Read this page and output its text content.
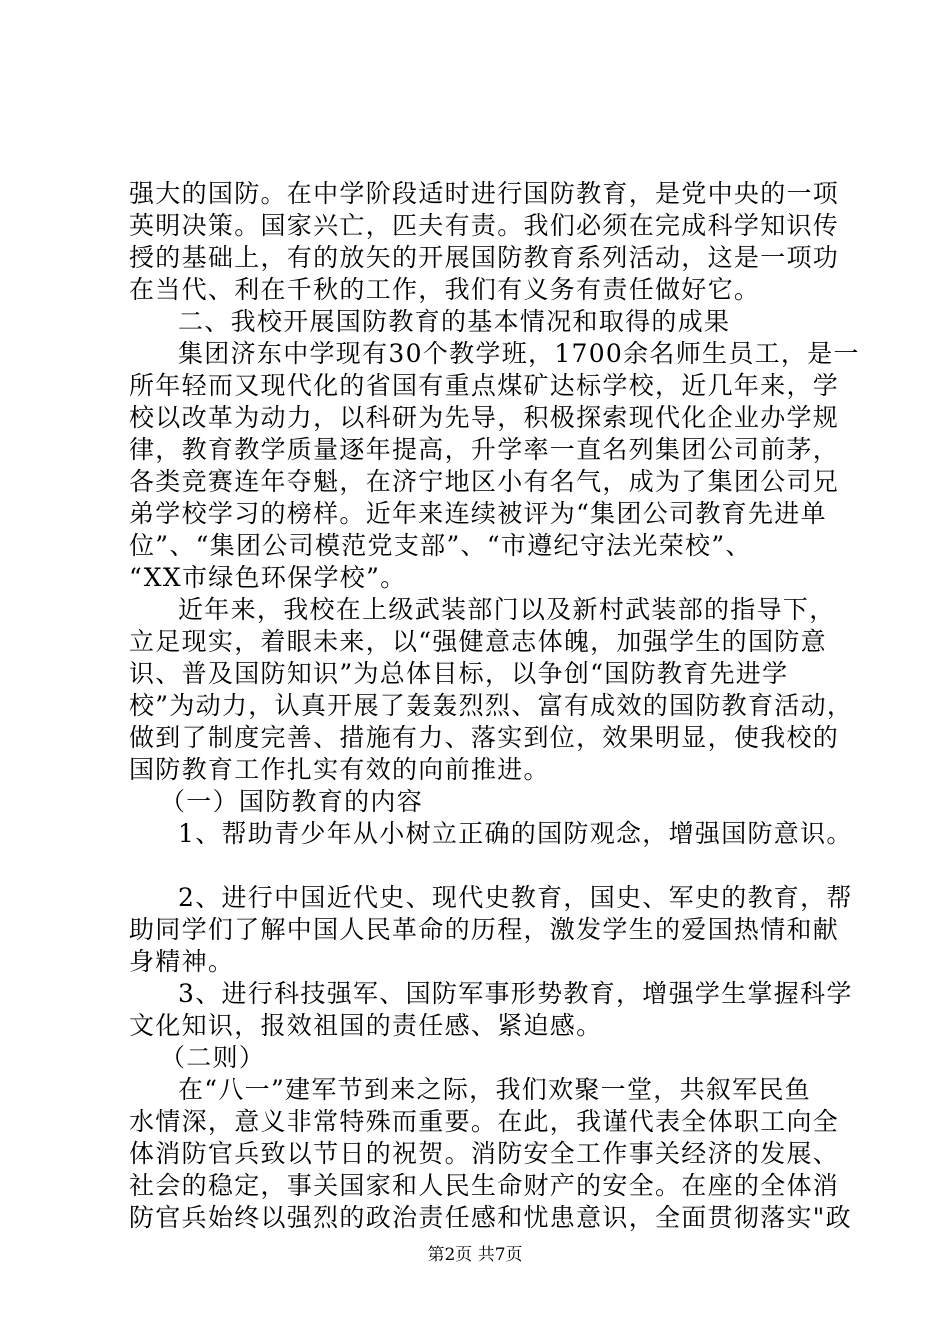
强大的国防。在中学阶段适时进行国防教育，是党中央的一项
英明决策。国家兴亡，匹夫有责。我们必须在完成科学知识传
授的基础上，有的放矢的开展国防教育系列活动，这是一项功
在当代、利在千秋的工作，我们有义务有责任做好它。
二、我校开展国防教育的基本情况和取得的成果
集团济东中学现有30个教学班，1700余名师生员工，是一
所年轻而又现代化的省国有重点煤矿达标学校，近几年来，学
校以改革为动力，以科研为先导，积极探索现代化企业办学规
律，教育教学质量逐年提高，升学率一直名列集团公司前茅，
各类竞赛连年夺魁，在济宁地区小有名气，成为了集团公司兄
弟学校学习的榜样。近年来连续被评为“集团公司教育先进单
位”、“集团公司模范党支部”、“市遵纪守法光荣校”、
“XX市绿色环保学校”。
近年来，我校在上级武装部门以及新村武装部的指导下，
立足现实，着眼未来，以“强健意志体魄，加强学生的国防意
识、普及国防知识”为总体目标，以争创“国防教育先进学
校”为动力，认真开展了轰轰烈烈、富有成效的国防教育活动，
做到了制度完善、措施有力、落实到位，效果明显，使我校的
国防教育工作扎实有效的向前推进。
（一）国防教育的内容
1、帮助青少年从小树立正确的国防观念，增强国防意识。
2、进行中国近代史、现代史教育，国史、军史的教育，帮
助同学们了解中国人民革命的历程，激发学生的爱国热情和献
身精神。
3、进行科技强军、国防军事形势教育，增强学生掌握科学
文化知识，报效祖国的责任感、紧迫感。
（二则）
在“八一”建军节到来之际，我们欢聚一堂，共叙军民鱼
水情深，意义非常特殊而重要。在此，我谨代表全体职工向全
体消防官兵致以节日的祝贺。消防安全工作事关经济的发展、
社会的稳定，事关国家和人民生命财产的安全。在座的全体消
防官兵始终以强烈的政治责任感和忧患意识，全面贯彻落实"政
第2页 共7页
